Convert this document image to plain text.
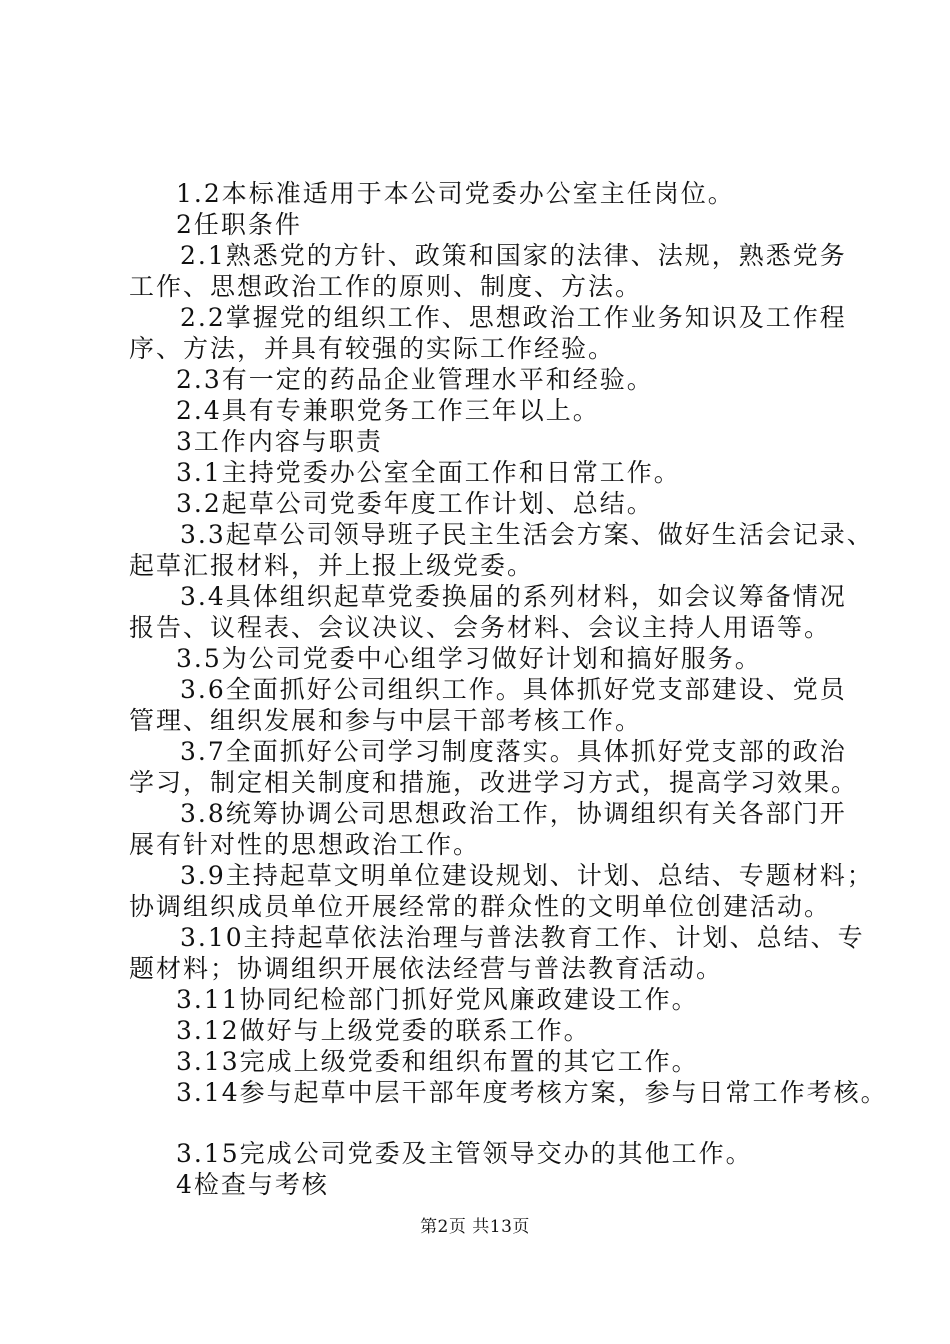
1.2本标准适用于本公司党委办公室主任岗位。
2任职条件
2.1熟悉党的方针、政策和国家的法律、法规，熟悉党务
工作、思想政治工作的原则、制度、方法。
2.2掌握党的组织工作、思想政治工作业务知识及工作程
序、方法，并具有较强的实际工作经验。
2.3有一定的药品企业管理水平和经验。
2.4具有专兼职党务工作三年以上。
3工作内容与职责
3.1主持党委办公室全面工作和日常工作。
3.2起草公司党委年度工作计划、总结。
3.3起草公司领导班子民主生活会方案、做好生活会记录、
起草汇报材料，并上报上级党委。
3.4具体组织起草党委换届的系列材料，如会议筹备情况
报告、议程表、会议决议、会务材料、会议主持人用语等。
3.5为公司党委中心组学习做好计划和搞好服务。
3.6全面抓好公司组织工作。具体抓好党支部建设、党员
管理、组织发展和参与中层干部考核工作。
3.7全面抓好公司学习制度落实。具体抓好党支部的政治
学习，制定相关制度和措施，改进学习方式，提高学习效果。
3.8统筹协调公司思想政治工作，协调组织有关各部门开
展有针对性的思想政治工作。
3.9主持起草文明单位建设规划、计划、总结、专题材料；
协调组织成员单位开展经常的群众性的文明单位创建活动。
3.10主持起草依法治理与普法教育工作、计划、总结、专
题材料；协调组织开展依法经营与普法教育活动。
3.11协同纪检部门抓好党风廉政建设工作。
3.12做好与上级党委的联系工作。
3.13完成上级党委和组织布置的其它工作。
3.14参与起草中层干部年度考核方案，参与日常工作考核。
3.15完成公司党委及主管领导交办的其他工作。
4检查与考核
第2页 共13页
